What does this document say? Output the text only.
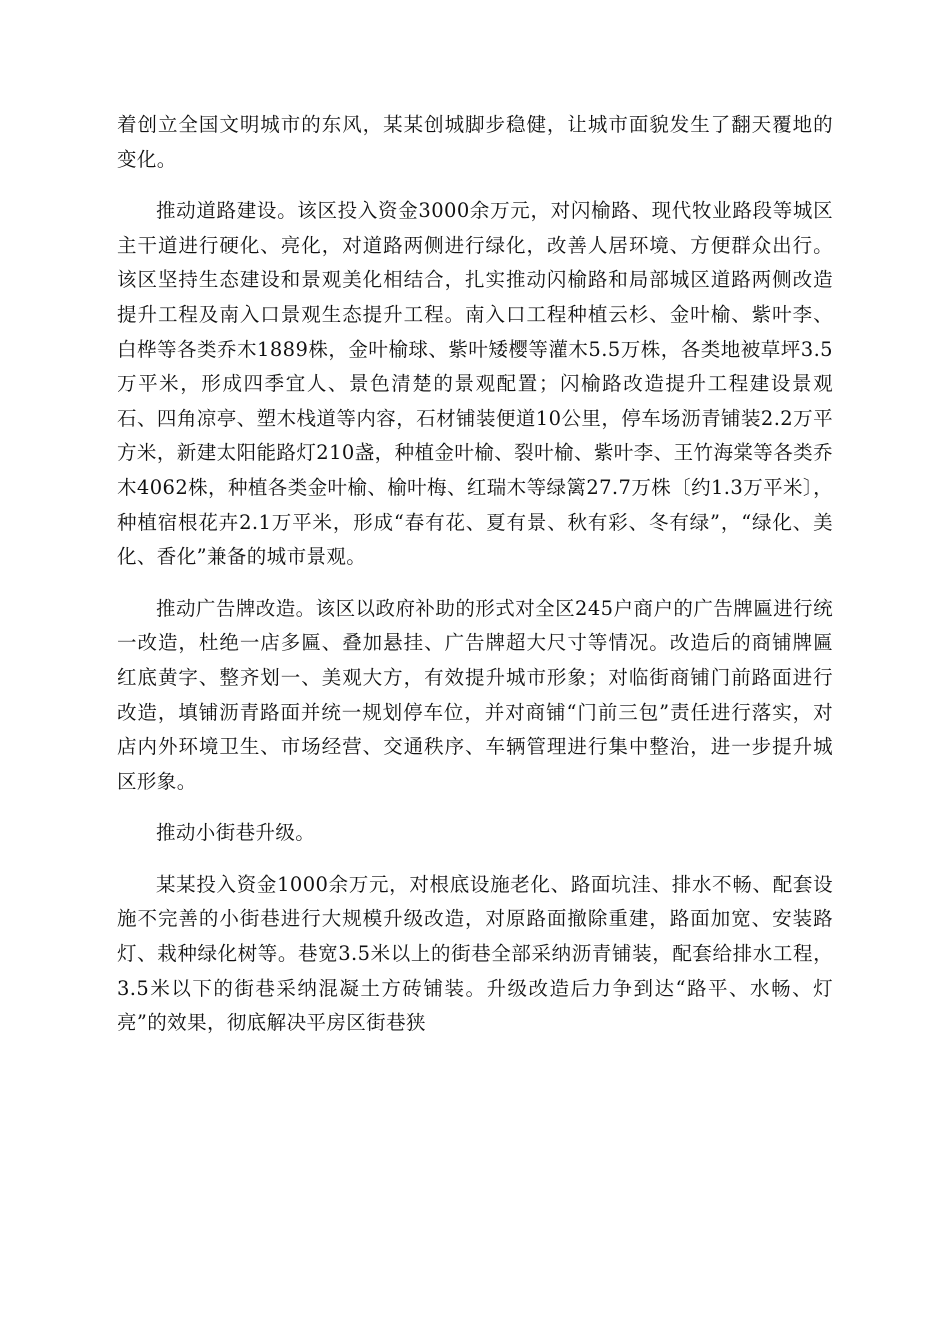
着创立全国文明城市的东风，某某创城脚步稳健，让城市面貌发生了翻天覆地的变化。

推动道路建设。该区投入资金3000余万元，对闪榆路、现代牧业路段等城区主干道进行硬化、亮化，对道路两侧进行绿化，改善人居环境、方便群众出行。该区坚持生态建设和景观美化相结合，扎实推动闪榆路和局部城区道路两侧改造提升工程及南入口景观生态提升工程。南入口工程种植云杉、金叶榆、紫叶李、白桦等各类乔木1889株，金叶榆球、紫叶矮樱等灌木5.5万株，各类地被草坪3.5万平米，形成四季宜人、景色清楚的景观配置；闪榆路改造提升工程建设景观石、四角凉亭、塑木栈道等内容，石材铺装便道10公里，停车场沥青铺装2.2万平方米，新建太阳能路灯210盏，种植金叶榆、裂叶榆、紫叶李、王竹海棠等各类乔木4062株，种植各类金叶榆、榆叶梅、红瑞木等绿篱27.7万株〔约1.3万平米〕，种植宿根花卉2.1万平米，形成“春有花、夏有景、秋有彩、冬有绿”，“绿化、美化、香化”兼备的城市景观。

推动广告牌改造。该区以政府补助的形式对全区245户商户的广告牌匾进行统一改造，杜绝一店多匾、叠加悬挂、广告牌超大尺寸等情况。改造后的商铺牌匾红底黄字、整齐划一、美观大方，有效提升城市形象；对临街商铺门前路面进行改造，填铺沥青路面并统一规划停车位，并对商铺“门前三包”责任进行落实，对店内外环境卫生、市场经营、交通秩序、车辆管理进行集中整治，进一步提升城区形象。

推动小街巷升级。

某某投入资金1000余万元，对根底设施老化、路面坑洼、排水不畅、配套设施不完善的小街巷进行大规模升级改造，对原路面撤除重建，路面加宽、安装路灯、栽种绿化树等。巷宽3.5米以上的街巷全部采纳沥青铺装，配套给排水工程，3.5米以下的街巷采纳混凝土方砖铺装。升级改造后力争到达“路平、水畅、灯亮”的效果，彻底解决平房区街巷狭
